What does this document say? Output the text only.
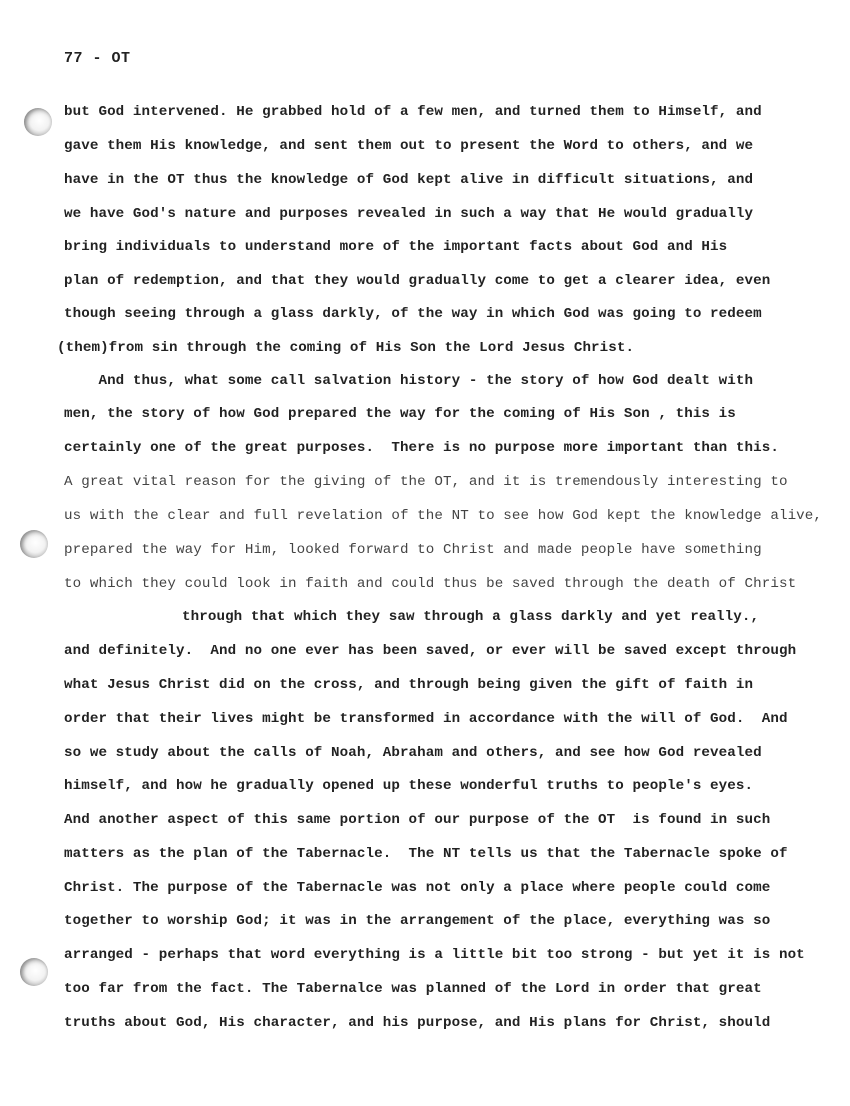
77 - OT
but God intervened. He grabbed hold of a few men, and turned them to Himself, and
gave them His knowledge, and sent them out to present the Word to others, and we
have in the OT thus the knowledge of God kept alive in difficult situations, and
we have God's nature and purposes revealed in such a way that He would gradually
bring individuals to understand more of the important facts about God and His
plan of redemption, and that they would gradually come to get a clearer idea, even
though seeing through a glass darkly, of the way in which God was going to redeem
(them)from sin through the coming of His Son the Lord Jesus Christ.
And thus, what some call salvation history - the story of how God dealt with
men, the story of how God prepared the way for the coming of His Son , this is
certainly one of the great purposes.  There is no purpose more important than this.
A great vital reason for the giving of the OT, and it is tremendously interesting to
us with the clear and full revelation of the NT to see how God kept the knowledge alive,
prepared the way for Him, looked forward to Christ and made people have something
to which they could look in faith and could thus be saved through the death of Christ
through that which they saw through a glass darkly and yet really.,
and definitely.  And no one ever has been saved, or ever will be saved except through
what Jesus Christ did on the cross, and through being given the gift of faith in
order that their lives might be transformed in accordance with the will of God.  And
so we study about the calls of Noah, Abraham and others, and see how God revealed
himself, and how he gradually opened up these wonderful truths to people's eyes.
And another aspect of this same portion of our purpose of the OT  is found in such
matters as the plan of the Tabernacle.  The NT tells us that the Tabernacle spoke of
Christ. The purpose of the Tabernacle was not only a place where people could come
together to worship God; it was in the arrangement of the place, everything was so
arranged - perhaps that word everything is a little bit too strong - but yet it is not
too far from the fact. The Tabernalce was planned of the Lord in order that great
truths about God, His character, and his purpose, and His plans for Christ, should
